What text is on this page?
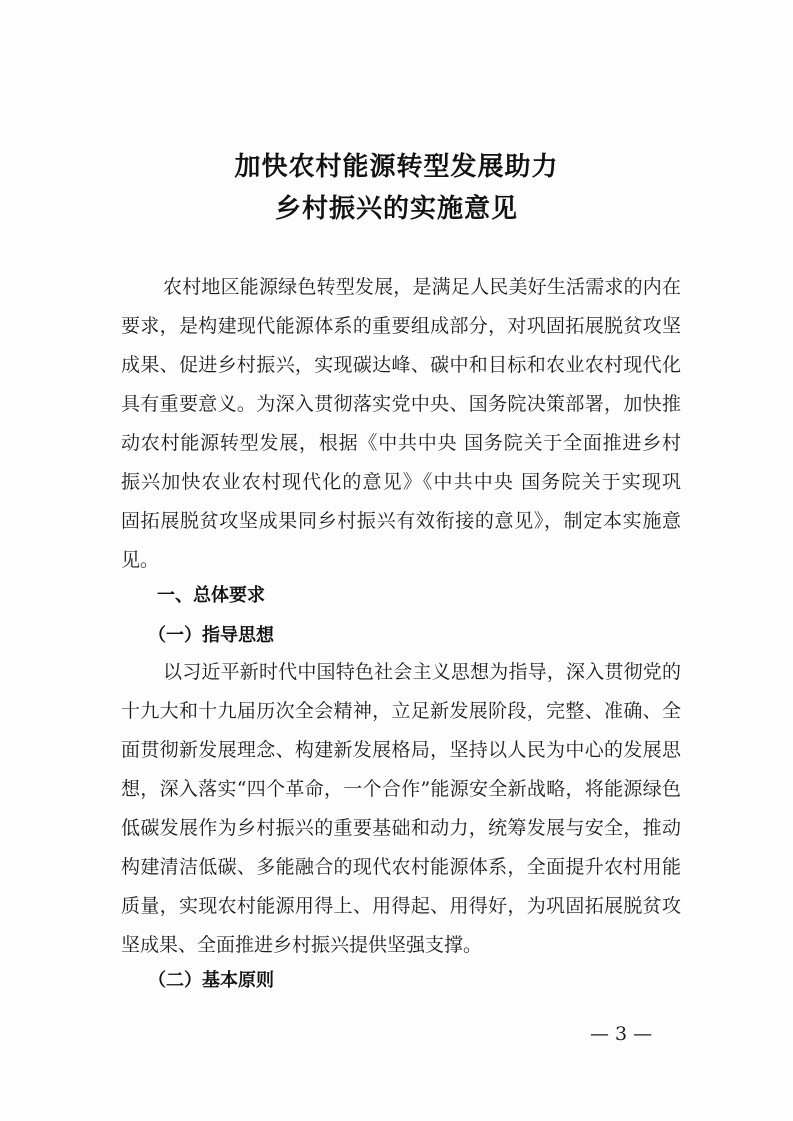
加快农村能源转型发展助力
乡村振兴的实施意见
农村地区能源绿色转型发展，是满足人民美好生活需求的内在
要求，是构建现代能源体系的重要组成部分，对巩固拓展脱贫攻坚
成果、促进乡村振兴，实现碳达峰、碳中和目标和农业农村现代化
具有重要意义。为深入贯彻落实党中央、国务院决策部署，加快推
动农村能源转型发展，根据《中共中央 国务院关于全面推进乡村
振兴加快农业农村现代化的意见》《中共中央 国务院关于实现巩
固拓展脱贫攻坚成果同乡村振兴有效衔接的意见》，制定本实施意
见。
一、总体要求
（一）指导思想
以习近平新时代中国特色社会主义思想为指导，深入贯彻党的
十九大和十九届历次全会精神，立足新发展阶段，完整、准确、全
面贯彻新发展理念、构建新发展格局，坚持以人民为中心的发展思
想，深入落实“四个革命，一个合作”能源安全新战略，将能源绿色
低碳发展作为乡村振兴的重要基础和动力，统筹发展与安全，推动
构建清洁低碳、多能融合的现代农村能源体系，全面提升农村用能
质量，实现农村能源用得上、用得起、用得好，为巩固拓展脱贫攻
坚成果、全面推进乡村振兴提供坚强支撑。
（二）基本原则
— 3 —
